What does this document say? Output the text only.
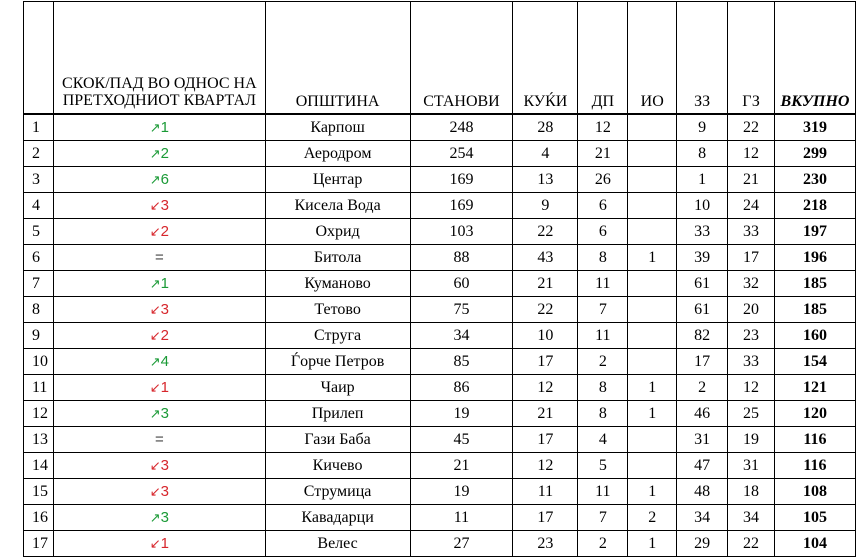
	СКОК/ПАД ВО ОДНОС НА ПРЕТХОДНИОТ КВАРТАЛ	ОПШТИНА	СТАНОВИ	КУЌИ	ДП	ИО	ЗЗ	ГЗ	ВКУПНО
1	↗1	Карпош	248	28	12		9	22	319
2	↗2	Аеродром	254	4	21		8	12	299
3	↗6	Центар	169	13	26		1	21	230
4	↙3	Кисела Вода	169	9	6		10	24	218
5	↙2	Охрид	103	22	6		33	33	197
6	=	Битола	88	43	8	1	39	17	196
7	↗1	Куманово	60	21	11		61	32	185
8	↙3	Тетово	75	22	7		61	20	185
9	↙2	Струга	34	10	11		82	23	160
10	↗4	Ѓорче Петров	85	17	2		17	33	154
11	↙1	Чаир	86	12	8	1	2	12	121
12	↗3	Прилеп	19	21	8	1	46	25	120
13	=	Гази Баба	45	17	4		31	19	116
14	↙3	Кичево	21	12	5		47	31	116
15	↙3	Струмица	19	11	11	1	48	18	108
16	↗3	Кавадарци	11	17	7	2	34	34	105
17	↙1	Велес	27	23	2	1	29	22	104
